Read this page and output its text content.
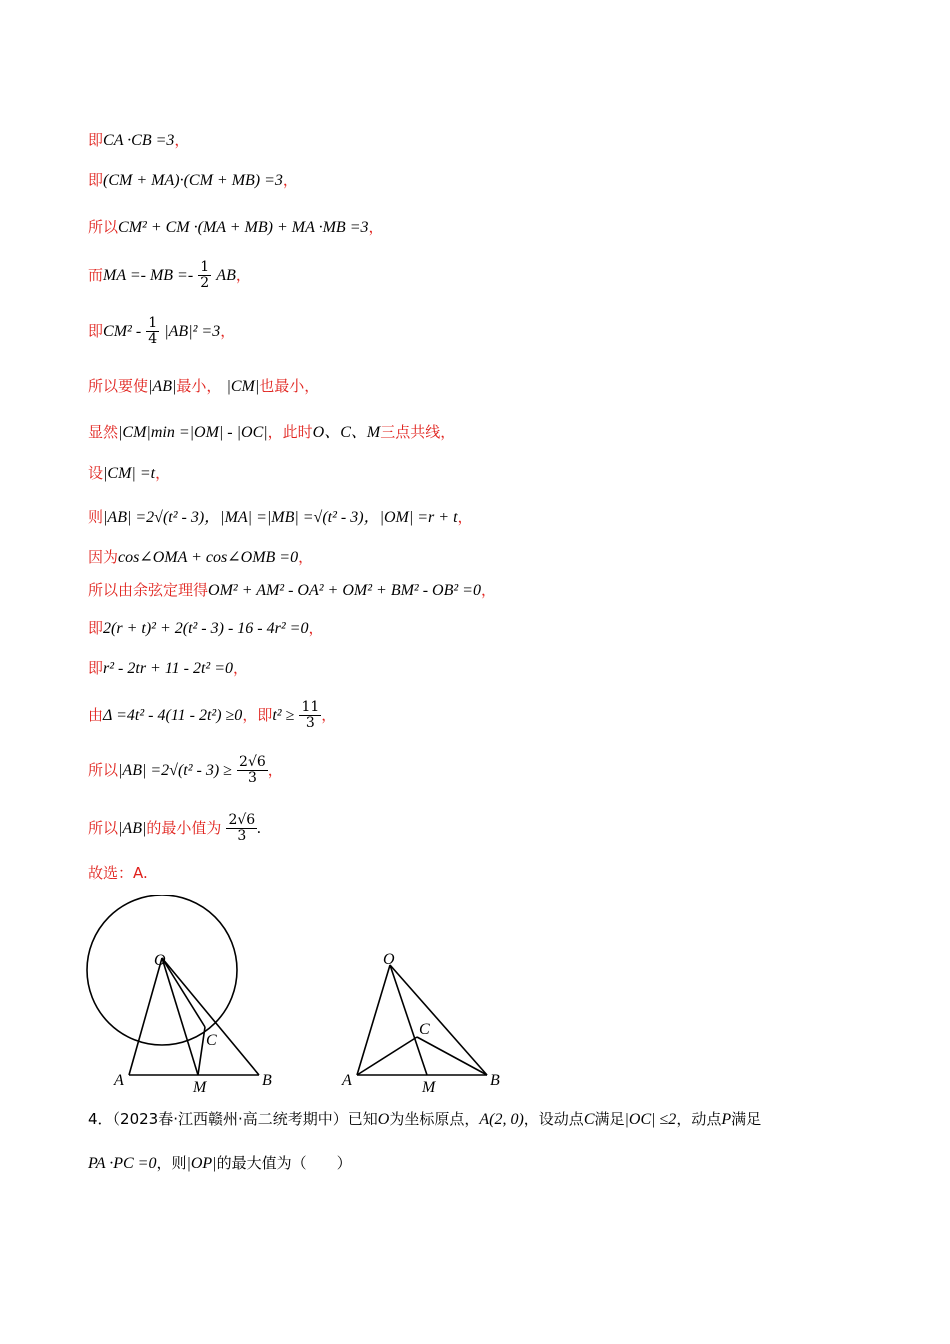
即CA ·CB =3，
即(CM + MA)·(CM + MB) =3，
所以CM² + CM ·(MA + MB) + MA ·MB =3，
而MA =- MB =- $\frac{1}{2}$ AB，
即$CM^2 - \frac{1}{4} |AB|^2 =3$，
所以要使|AB|最小， |CM|也最小，
显然|CM|min =|OM| - |OC|，此时O、C、M三点共线，
设|CM| =t，
则|AB| =2√(t² - 3)，|MA| =|MB| =√(t² - 3)，|OM| =r + t，
因为cos∠OMA + cos∠OMB =0，
所以由余弦定理得OM² + AM² - OA² + OM² + BM² - OB² =0，
即2(r + t)² + 2(t² - 3) - 16 - 4r² =0，
即r² - 2tr + 11 - 2t² =0，
由Δ =4t² - 4(11 - 2t²) ≥0，即$t^2 \ge \frac{11}{3}$ ，
所以$|AB| =2√(t^2 - 3) \ge \frac{2√6}{3}$ ，
所以|AB|的最小值为 $\frac{2√6}{3}$ .
故选：A.
O
A	B
C
M
O
A	B
C
M
4．（2023春·江西赣州·高二统考期中）已知O为坐标原点，A(2, 0)，设动点C满足|OC| ≤2，动点P满足
PA ·PC =0，则|OP|的最大值为（　　）
